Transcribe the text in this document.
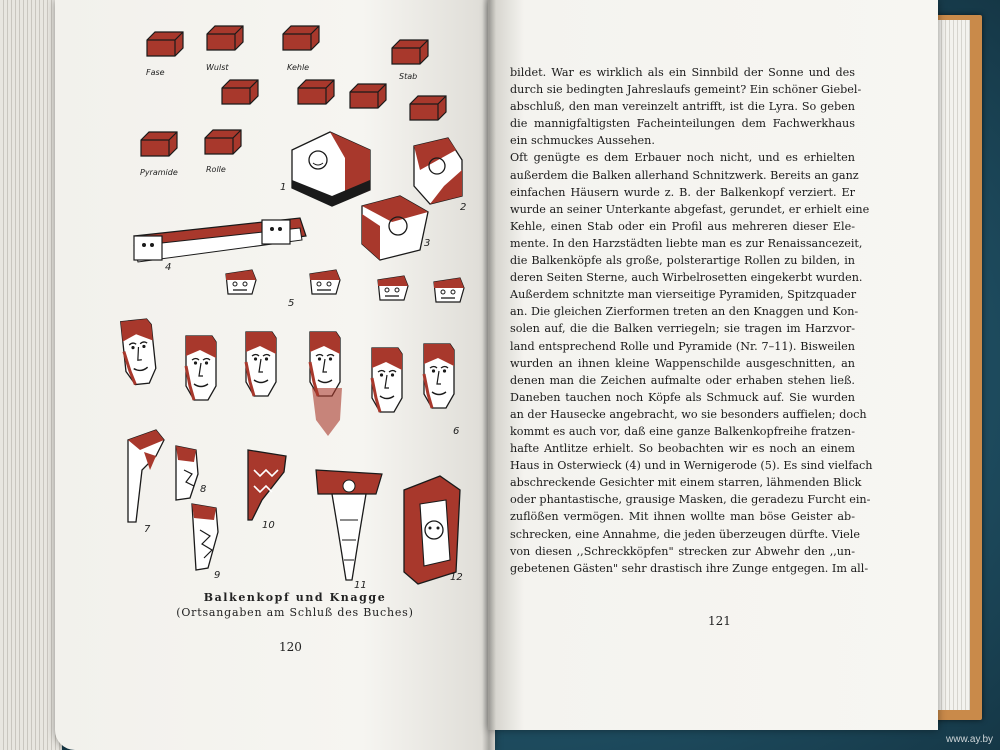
Fase
Wulst	Kehle
Stab
Pyramide	Rolle
1
2
3
4
5
6
7
8
9
10
11
12
www.ay.by
Balkenkopf und Knagge
(Ortsangaben am Schluß des Buches)
120
bildet. War es wirklich als ein Sinnbild der Sonne und des
durch sie bedingten Jahreslaufs gemeint? Ein schöner Giebel-
abschluß, den man vereinzelt antrifft, ist die Lyra. So geben
die mannigfaltigsten Facheinteilungen dem Fachwerkhaus
ein schmuckes Aussehen.
Oft genügte es dem Erbauer noch nicht, und es erhielten
außerdem die Balken allerhand Schnitzwerk. Bereits an ganz
einfachen Häusern wurde z. B. der Balkenkopf verziert. Er
wurde an seiner Unterkante abgefast, gerundet, er erhielt eine
Kehle, einen Stab oder ein Profil aus mehreren dieser Ele-
mente. In den Harzstädten liebte man es zur Renaissancezeit,
die Balkenköpfe als große, polsterartige Rollen zu bilden, in
deren Seiten Sterne, auch Wirbelrosetten eingekerbt wurden.
Außerdem schnitzte man vierseitige Pyramiden, Spitzquader
an. Die gleichen Zierformen treten an den Knaggen und Kon-
solen auf, die die Balken verriegeln; sie tragen im Harzvor-
land entsprechend Rolle und Pyramide (Nr. 7–11). Bisweilen
wurden an ihnen kleine Wappenschilde ausgeschnitten, an
denen man die Zeichen aufmalte oder erhaben stehen ließ.
Daneben tauchen noch Köpfe als Schmuck auf. Sie wurden
an der Hausecke angebracht, wo sie besonders auffielen; doch
kommt es auch vor, daß eine ganze Balkenkopfreihe fratzen-
hafte Antlitze erhielt. So beobachten wir es noch an einem
Haus in Osterwieck (4) und in Wernigerode (5). Es sind vielfach
abschreckende Gesichter mit einem starren, lähmenden Blick
oder phantastische, grausige Masken, die geradezu Furcht ein-
zuflößen vermögen. Mit ihnen wollte man böse Geister ab-
schrecken, eine Annahme, die jeden überzeugen dürfte. Viele
von diesen ,,Schreckköpfen" strecken zur Abwehr den ,,un-
gebetenen Gästen" sehr drastisch ihre Zunge entgegen. Im all-
121
